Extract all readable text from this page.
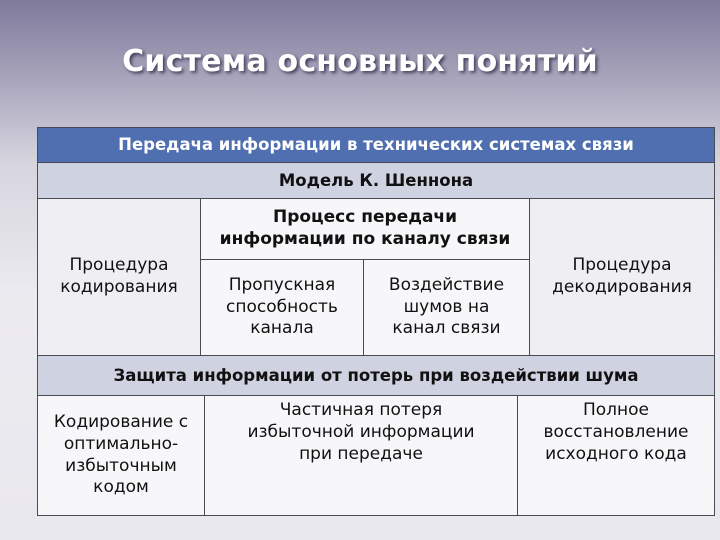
Система основных понятий
Передача информации в технических системах связи
Модель К. Шеннона
Процедура
кодирования
Процесс передачи
информации по каналу связи
Пропускная
способность
канала
Воздействие
шумов на
канал связи
Процедура
декодирования
Защита информации от потерь при воздействии шума
Кодирование с
оптимально-
избыточным
кодом
Частичная потеря
избыточной информации
при передаче
Полное
восстановление
исходного кода
